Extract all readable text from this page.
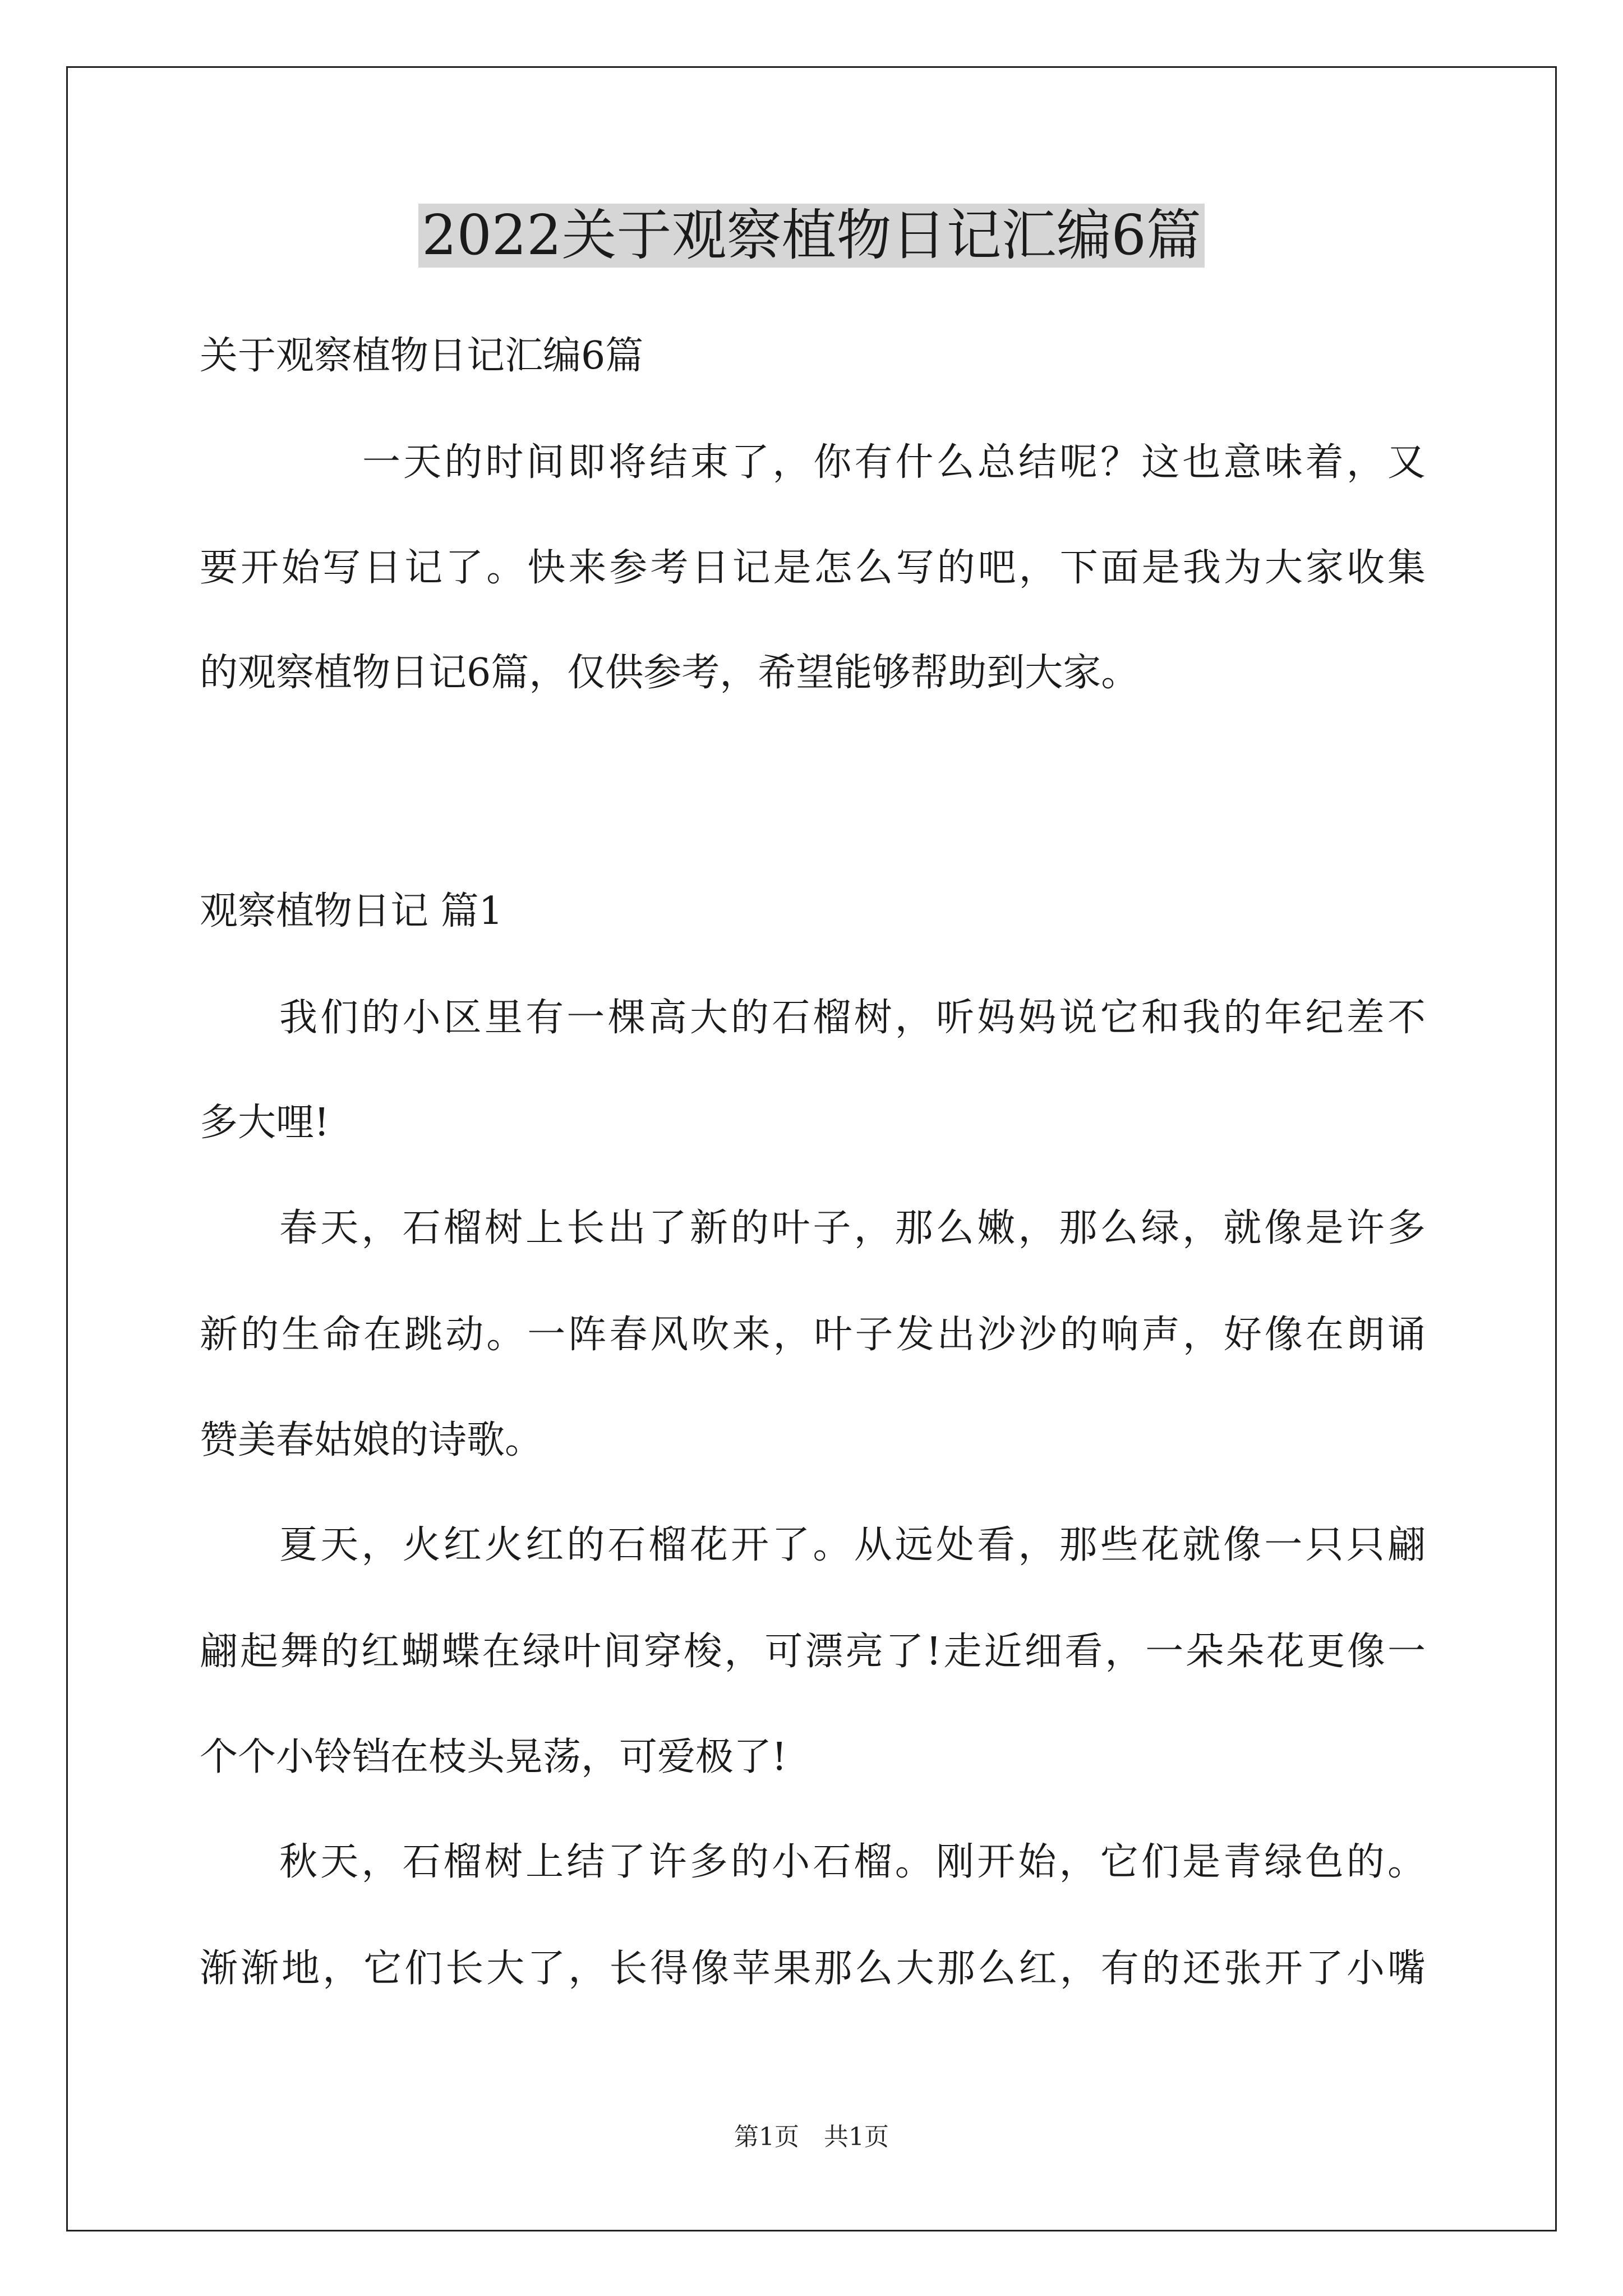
2022关于观察植物日记汇编6篇
关于观察植物日记汇编6篇
一天的时间即将结束了，你有什么总结呢？这也意味着，又
要开始写日记了。快来参考日记是怎么写的吧，下面是我为大家收集
的观察植物日记6篇，仅供参考，希望能够帮助到大家。
观察植物日记 篇1
我们的小区里有一棵高大的石榴树，听妈妈说它和我的年纪差不
多大哩!
春天，石榴树上长出了新的叶子，那么嫩，那么绿，就像是许多
新的生命在跳动。一阵春风吹来，叶子发出沙沙的响声，好像在朗诵
赞美春姑娘的诗歌。
夏天，火红火红的石榴花开了。从远处看，那些花就像一只只翩
翩起舞的红蝴蝶在绿叶间穿梭，可漂亮了!走近细看，一朵朵花更像一
个个小铃铛在枝头晃荡，可爱极了!
秋天，石榴树上结了许多的小石榴。刚开始，它们是青绿色的。
渐渐地，它们长大了，长得像苹果那么大那么红，有的还张开了小嘴
第1页　共1页
